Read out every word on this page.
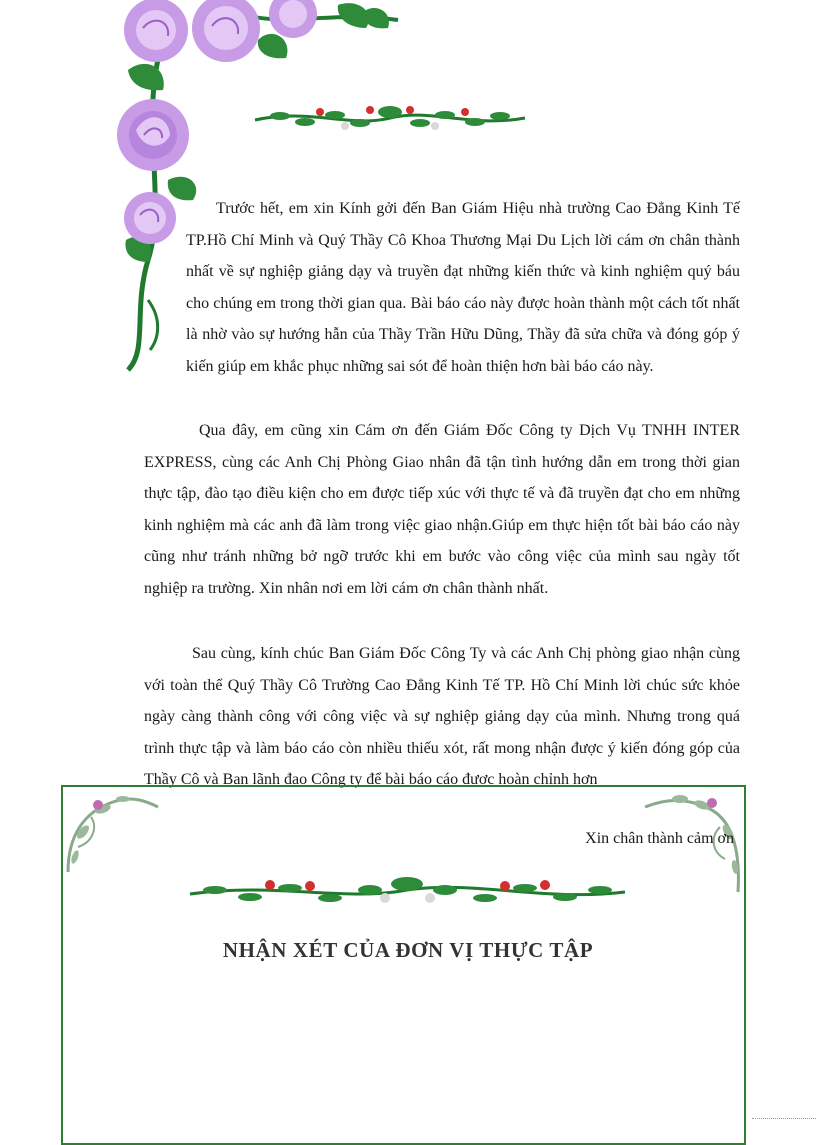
Trước hết, em xin Kính gởi đến Ban Giám Hiệu nhà trường Cao Đẳng Kinh Tế TP.Hồ Chí Minh và Quý Thầy Cô Khoa Thương Mại Du Lịch lời cám ơn chân thành nhất về sự nghiệp giảng dạy và truyền đạt những kiến thức và kinh nghiệm quý báu cho chúng em trong thời gian qua. Bài báo cáo này được hoàn thành một cách tốt nhất là nhờ vào sự hướng hẫn của Thầy Trần Hữu Dũng, Thầy đã sửa chữa và đóng góp ý kiến giúp em khắc phục những sai sót để hoàn thiện hơn bài báo cáo này.

Qua đây, em cũng xin Cám ơn đến Giám Đốc Công ty Dịch Vụ TNHH INTER EXPRESS, cùng các Anh Chị Phòng Giao nhân đã tận tình hướng dẫn em trong thời gian thực tập, đào tạo điều kiện cho em được tiếp xúc với thực tế và đã truyền đạt cho em những kinh nghiệm mà các anh đã làm trong việc giao nhận.Giúp em thực hiện tốt bài báo cáo này cũng như tránh những bở ngỡ trước khi em bước vào công việc của mình sau ngày tốt nghiệp ra trường. Xin nhân nơi em lời cám ơn chân thành nhất.

Sau cùng, kính chúc Ban Giám Đốc Công Ty và các Anh Chị phòng giao nhận cùng với toàn thể Quý Thầy Cô Trường Cao Đẳng Kinh Tế TP. Hồ Chí Minh lời chúc sức khỏe ngày càng thành công với công việc và sự nghiệp giảng dạy của mình. Nhưng trong quá trình thực tập và làm báo cáo còn nhiều thiếu xót, rất mong nhận được ý kiến đóng góp của Thầy Cô và Ban lãnh đạo Công ty để bài báo cáo được hoàn chỉnh hơn

Xin chân thành cảm ơn
NHẬN XÉT CỦA ĐƠN VỊ THỰC TẬP
